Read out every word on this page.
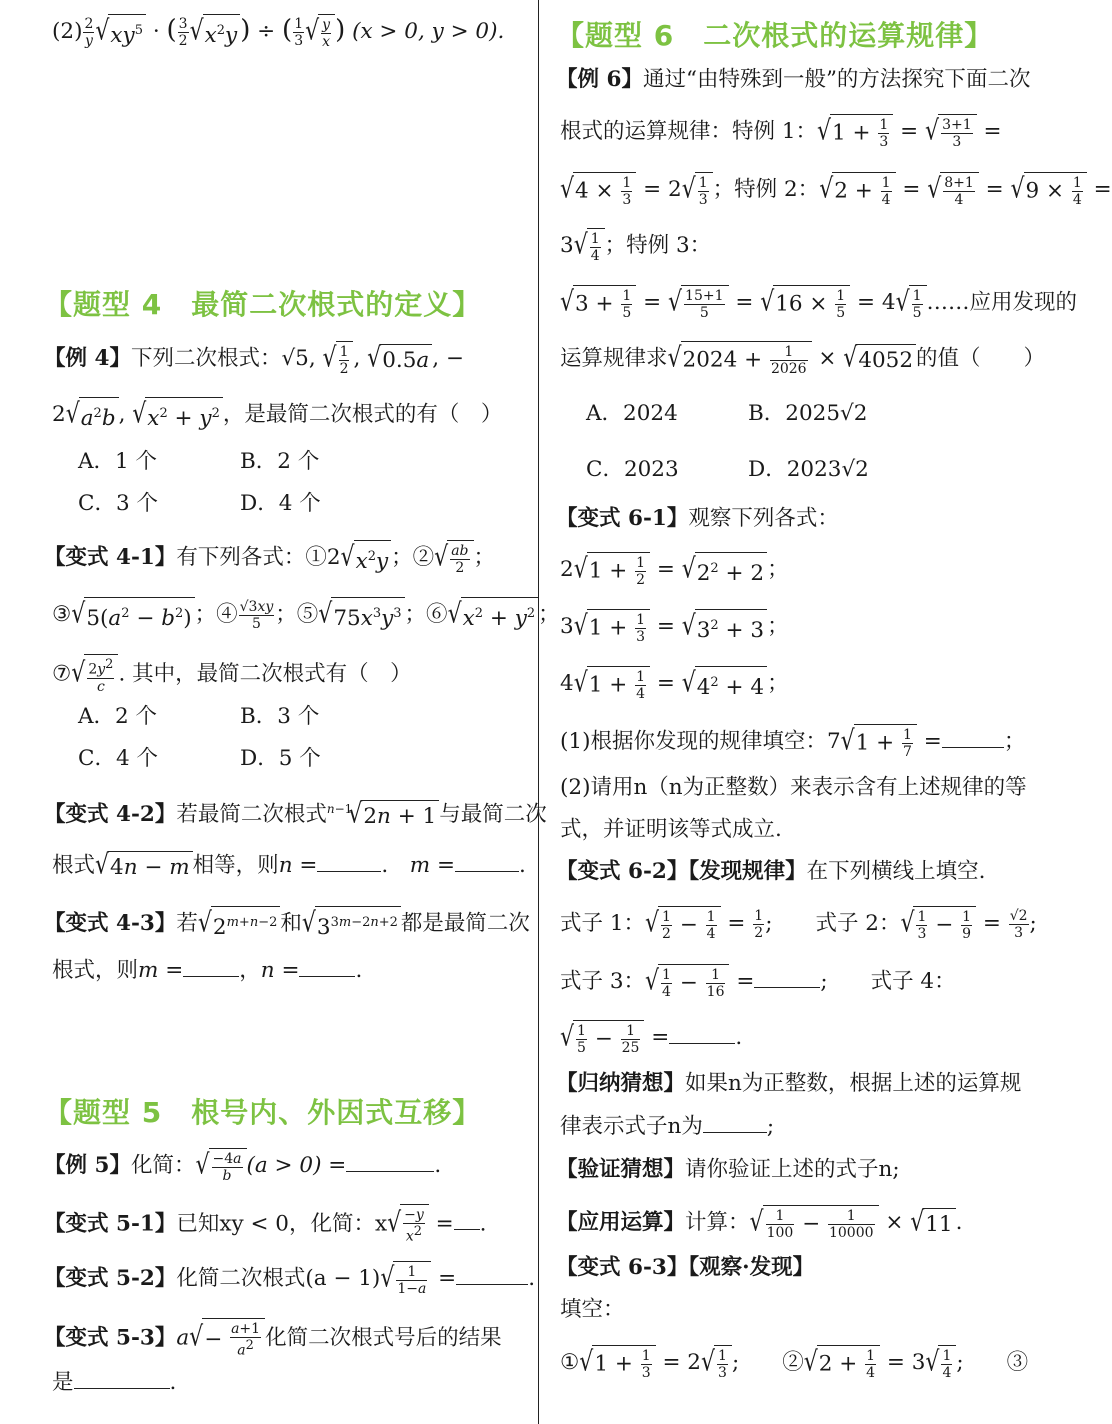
$(2) \frac{2}{y} √xy^5$ · ( $\frac{3}{2} √x^2y$ ) ÷ ( $\frac{1}{3}$ √ $\frac{y}{x}$ ) (x > 0, y > 0).
【题型 4　最简二次根式的定义】
【例 4】下列二次根式：√5, √ $\frac{1}{2}$ , √0.5a , −
$2√a^2b$ , $√x^2 + y^2$ ，是最简二次根式的有（　）
A．1 个	B．2 个
C．3 个	D．4 个
【变式 4-1】有下列各式：$①2√x^2y$ ；②√ $\frac{ab}{2}$ ；
$③√5(a^2 - b^2)$ ；④ $\frac{√3xy}{5}$ ；$⑤√75x^3y^3$ ；$⑥√x^2 + y^2$ ；
⑦√ $\frac{2y2}{c}$ . 其中，最简二次根式有（　）
A．2 个	B．3 个
C．4 个	D．5 个
【变式 4-2】若最简二次根式$^{n-1}$√2n + 1 与最简二次
根式√4n − m 相等，则n =	.　m =	.
【变式 4-3】若$√2^{m+n-2}$ 和$√3^{3m-2n+2}$ 都是最简二次
根式，则m =	，n =	.
【题型 5　根号内、外因式互移】
【例 5】化简：√ $\frac{-4a}{b} (a > 0)$ =	.
【变式 5-1】已知xy < 0，化简：$x√ \frac{-y}{x2}$ = .
【变式 5-2】化简二次根式$(a - 1)√ \frac{1}{1-a}$ =	.
【变式 5-3】$a√- \frac{a+1}{a2}$ 化简二次根式号后的结果
是	.
【题型 6　二次根式的运算规律】
【例 6】通过“由特殊到一般”的方法探究下面二次
根式的运算规律：特例 1：$√1 + \frac{1}{3}$ = √ $\frac{3+1}{3}$ =
$√4 \times \frac{1}{3} = 2√ \frac{1}{3}$ ；特例 2：$√2 + \frac{1}{4}$ = √ $\frac{8+1}{4} = √9 \times \frac{1}{4}$ =
$3√ \frac{1}{4}$ ；特例 3：
$√3 + \frac{1}{5}$ = √ $\frac{15+1}{5} = √16 \times \frac{1}{5} = 4√ \frac{1}{5}$ ……应用发现的
运算规律求$√2024 + \frac{1}{2026} \times √4052$ 的值（　　）
A．2024	B．2025√2
C．2023	D．2023√2
【变式 6-1】观察下列各式：
$2√1 + \frac{1}{2} = √2^2 + 2$ ；
$3√1 + \frac{1}{3} = √3^2 + 3$ ；
$4√1 + \frac{1}{4} = √4^2 + 4$ ；
(1)根据你发现的规律填空：$7√1 + \frac{1}{7}$ =	；
(2)请用n（n为正整数）来表示含有上述规律的等
式，并证明该等式成立.
【变式 6-2】【发现规律】在下列横线上填空.
式子 1：√ $\frac{1}{2} - \frac{1}{4} = \frac{1}{2}$ ;　　式子 2：√ $\frac{1}{3} - \frac{1}{9} = \frac{√2}{3}$ ;
式子 3：√ $\frac{1}{4} - \frac{1}{16}$ =	;　　式子 4：
√ $\frac{1}{5} - \frac{1}{25}$ =	.
【归纳猜想】如果n为正整数，根据上述的运算规
律表示式子n为	;
【验证猜想】请你验证上述的式子n;
【应用运算】计算：√ $\frac{1}{100} - \frac{1}{10000} \times √11$ .
【变式 6-3】【观察·发现】
填空：
①√1 + $\frac{1}{3} = 2√ \frac{1}{3}$ ;　　②√2 + $\frac{1}{4} = 3√ \frac{1}{4}$ ;　　③
